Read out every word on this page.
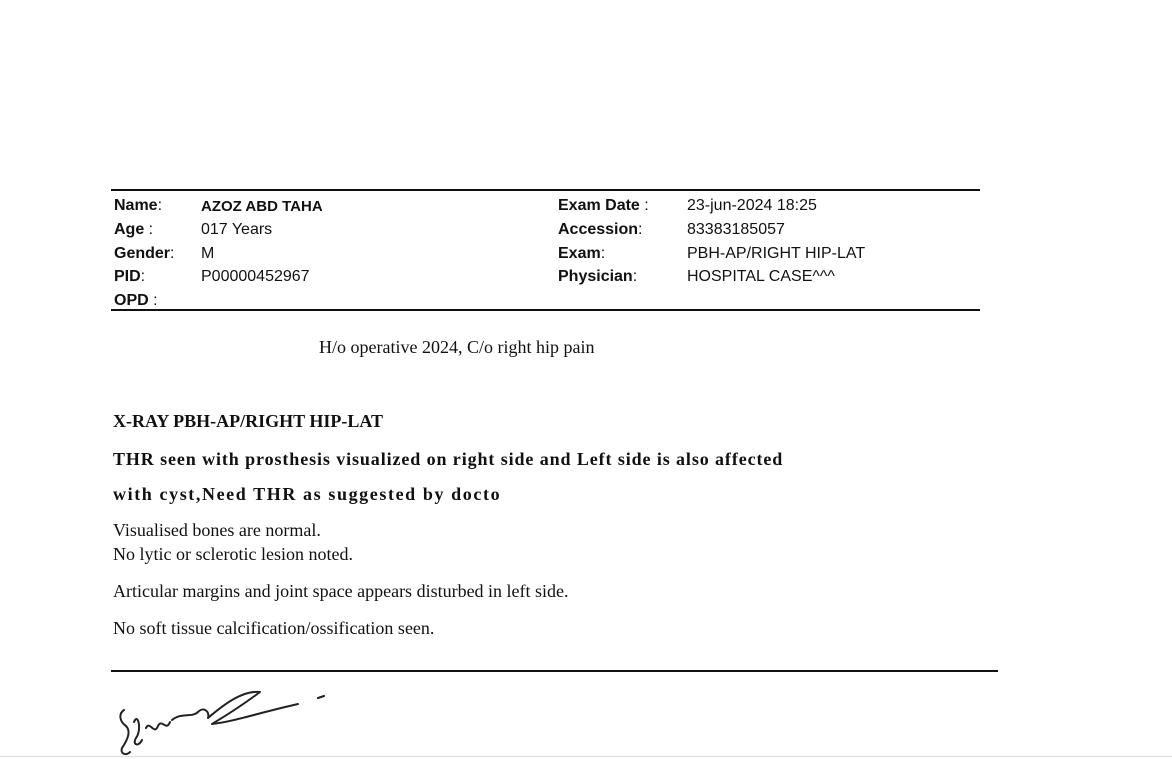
Name:	AZOZ ABD TAHA
Age :	017 Years
Gender: M
PID:	P00000452967
OPD :
Exam Date : 23-jun-2024 18:25
Accession:	83383185057
Exam:	PBH-AP/RIGHT HIP-LAT
Physician:	HOSPITAL CASE^^^
H/o operative 2024, C/o right hip pain
X-RAY PBH-AP/RIGHT HIP-LAT
THR seen with prosthesis visualized on right side and Left side is also affected
with cyst,Need THR as suggested by docto
Visualised bones are normal.
No lytic or sclerotic lesion noted.
Articular margins and joint space appears disturbed in left side.
No soft tissue calcification/ossification seen.
